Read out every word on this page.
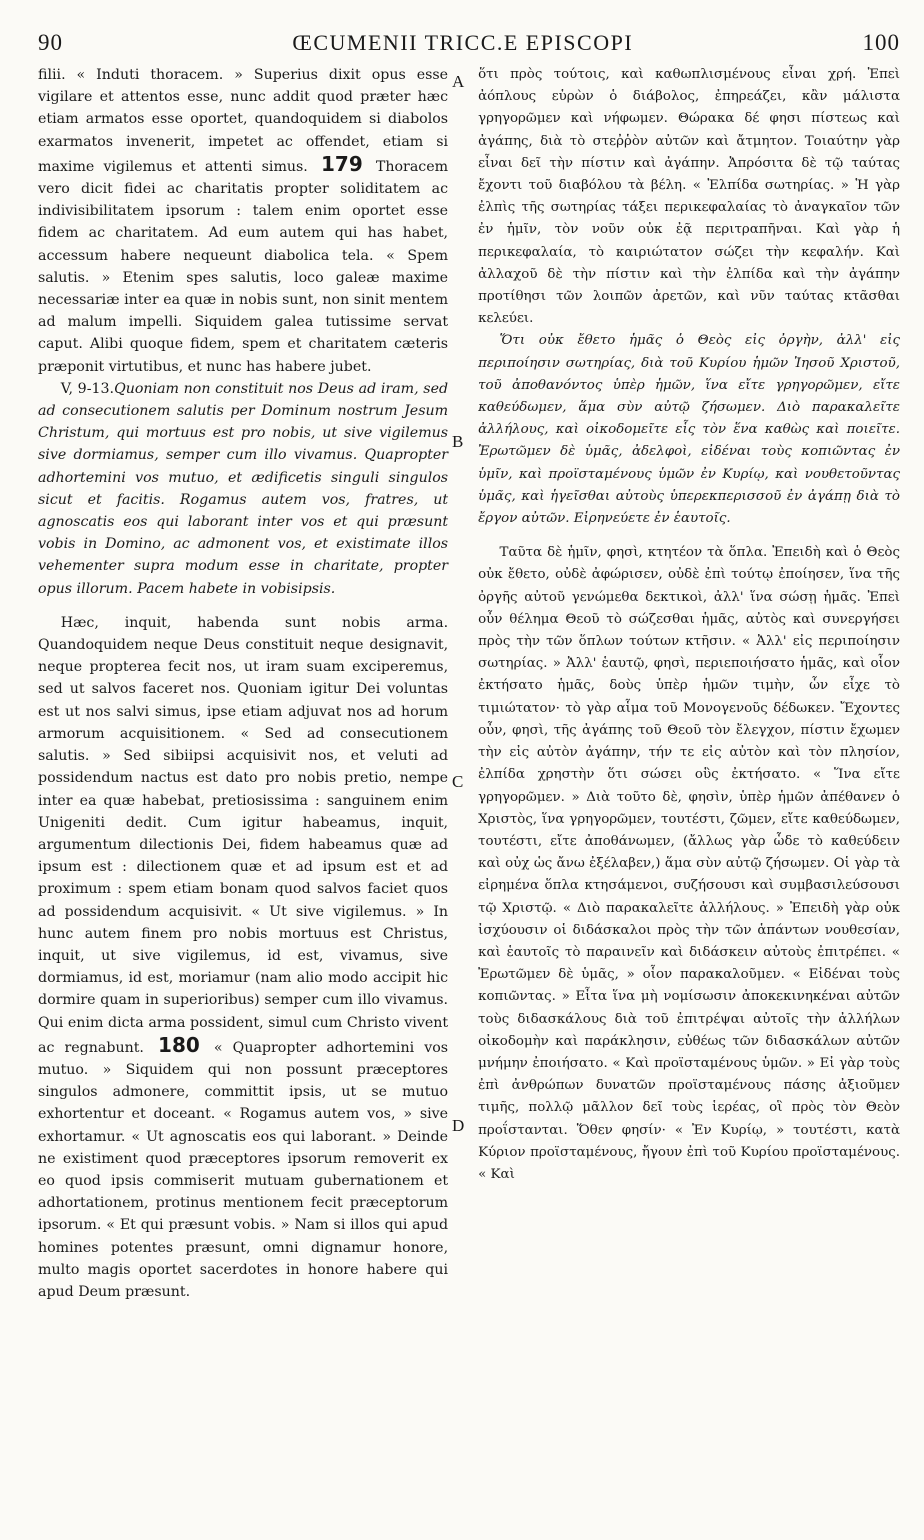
90	ŒCUMENII TRICC.E EPISCOPI	100

filii. « Induti thoracem. » Superius dixit opus esse vigilare et attentos esse, nunc addit quod præter hæc etiam armatos esse oportet, quandoquidem si diabolos exarmatos invenerit, impetet ac offendet, etiam si maxime vigilemus et attenti simus. 179 Thoracem vero dicit fidei ac charitatis propter soliditatem ac indivisibilitatem ipsorum : talem enim oportet esse fidem ac charitatem. Ad eum autem qui has habet, accessum habere nequeunt diabolica tela. « Spem salutis. » Etenim spes salutis, loco galeæ maxime necessariæ inter ea quæ in nobis sunt, non sinit mentem ad malum impelli. Siquidem galea tutissime servat caput. Alibi quoque fidem, spem et charitatem cæteris præponit virtutibus, et nunc has habere jubet.

V, 9-13.Quoniam non constituit nos Deus ad iram, sed ad consecutionem salutis per Dominum nostrum Jesum Christum, qui mortuus est pro nobis, ut sive vigilemus sive dormiamus, semper cum illo vivamus. Quapropter adhortemini vos mutuo, et ædificetis singuli singulos sicut et facitis. Rogamus autem vos, fratres, ut agnoscatis eos qui laborant inter vos et qui præsunt vobis in Domino, ac admonent vos, et existimate illos vehementer supra modum esse in charitate, propter opus illorum. Pacem habete in vobisipsis.

Hæc, inquit, habenda sunt nobis arma. Quandoquidem neque Deus constituit neque designavit, neque propterea fecit nos, ut iram suam exciperemus, sed ut salvos faceret nos. Quoniam igitur Dei voluntas est ut nos salvi simus, ipse etiam adjuvat nos ad horum armorum acquisitionem. « Sed ad consecutionem salutis. » Sed sibiipsi acquisivit nos, et veluti ad possidendum nactus est dato pro nobis pretio, nempe inter ea quæ habebat, pretiosissima : sanguinem enim Unigeniti dedit. Cum igitur habeamus, inquit, argumentum dilectionis Dei, fidem habeamus quæ ad ipsum est : dilectionem quæ et ad ipsum est et ad proximum : spem etiam bonam quod salvos faciet quos ad possidendum acquisivit. « Ut sive vigilemus. » In hunc autem finem pro nobis mortuus est Christus, inquit, ut sive vigilemus, id est, vivamus, sive dormiamus, id est, moriamur (nam alio modo accipit hic dormire quam in superioribus) semper cum illo vivamus. Qui enim dicta arma possident, simul cum Christo vivent ac regnabunt. 180 « Quapropter adhortemini vos mutuo. » Siquidem qui non possunt præceptores singulos admonere, committit ipsis, ut se mutuo exhortentur et doceant. « Rogamus autem vos, » sive exhortamur. « Ut agnoscatis eos qui laborant. » Deinde ne existiment quod præceptores ipsorum removerit ex eo quod ipsis commiserit mutuam gubernationem et adhortationem, protinus mentionem fecit præceptorum ipsorum. « Et qui præsunt vobis. » Nam si illos qui apud homines potentes præsunt, omni dignamur honore, multo magis oportet sacerdotes in honore habere qui apud Deum præsunt.

ὅτι πρὸς τούτοις, καὶ καθωπλισμένους εἶναι χρή. Ἐπεὶ ἀόπλους εὑρὼν ὁ διάβολος, ἐπηρεάζει, κἂν μάλιστα γρηγορῶμεν καὶ νήφωμεν. Θώρακα δέ φησι πίστεως καὶ ἀγάπης, διὰ τὸ στεῤῥὸν αὐτῶν καὶ ἄτμητον. Τοιαύτην γὰρ εἶναι δεῖ τὴν πίστιν καὶ ἀγάπην. Ἀπρόσιτα δὲ τῷ ταύτας ἔχοντι τοῦ διαβόλου τὰ βέλη. « Ἐλπίδα σωτηρίας. » Ἡ γὰρ ἐλπὶς τῆς σωτηρίας τάξει περικεφαλαίας τὸ ἀναγκαῖον τῶν ἐν ἡμῖν, τὸν νοῦν οὐκ ἐᾷ περιτραπῆναι. Καὶ γὰρ ἡ περικεφαλαία, τὸ καιριώτατον σώζει τὴν κεφαλήν. Καὶ ἀλλαχοῦ δὲ τὴν πίστιν καὶ τὴν ἐλπίδα καὶ τὴν ἀγάπην προτίθησι τῶν λοιπῶν ἀρετῶν, καὶ νῦν ταύτας κτᾶσθαι κελεύει.

Ὅτι οὐκ ἔθετο ἡμᾶς ὁ Θεὸς εἰς ὀργὴν, ἀλλ' εἰς περιποίησιν σωτηρίας, διὰ τοῦ Κυρίου ἡμῶν Ἰησοῦ Χριστοῦ, τοῦ ἀποθανόντος ὑπὲρ ἡμῶν, ἵνα εἴτε γρηγορῶμεν, εἴτε καθεύδωμεν, ἅμα σὺν αὐτῷ ζήσωμεν. Διὸ παρακαλεῖτε ἀλλήλους, καὶ οἰκοδομεῖτε εἷς τὸν ἕνα καθὼς καὶ ποιεῖτε. Ἐρωτῶμεν δὲ ὑμᾶς, ἀδελφοὶ, εἰδέναι τοὺς κοπιῶντας ἐν ὑμῖν, καὶ προϊσταμένους ὑμῶν ἐν Κυρίῳ, καὶ νουθετοῦντας ὑμᾶς, καὶ ἡγεῖσθαι αὐτοὺς ὑπερεκπερισσοῦ ἐν ἀγάπῃ διὰ τὸ ἔργον αὐτῶν. Εἰρηνεύετε ἐν ἑαυτοῖς.

Ταῦτα δὲ ἡμῖν, φησὶ, κτητέον τὰ ὅπλα. Ἐπειδὴ καὶ ὁ Θεὸς οὐκ ἔθετο, οὐδὲ ἀφώρισεν, οὐδὲ ἐπὶ τούτῳ ἐποίησεν, ἵνα τῆς ὀργῆς αὐτοῦ γενώμεθα δεκτικοὶ, ἀλλ' ἵνα σώσῃ ἡμᾶς. Ἐπεὶ οὖν θέλημα Θεοῦ τὸ σώζεσθαι ἡμᾶς, αὐτὸς καὶ συνεργήσει πρὸς τὴν τῶν ὅπλων τούτων κτῆσιν. « Ἀλλ' εἰς περιποίησιν σωτηρίας. » Ἀλλ' ἑαυτῷ, φησὶ, περιεποιήσατο ἡμᾶς, καὶ οἷον ἐκτήσατο ἡμᾶς, δοὺς ὑπὲρ ἡμῶν τιμὴν, ὧν εἶχε τὸ τιμιώτατον· τὸ γὰρ αἷμα τοῦ Μονογενοῦς δέδωκεν. Ἔχοντες οὖν, φησὶ, τῆς ἀγάπης τοῦ Θεοῦ τὸν ἔλεγχον, πίστιν ἔχωμεν τὴν εἰς αὐτὸν ἀγάπην, τήν τε εἰς αὐτὸν καὶ τὸν πλησίον, ἐλπίδα χρηστὴν ὅτι σώσει οὓς ἐκτήσατο. « Ἵνα εἴτε γρηγορῶμεν. » Διὰ τοῦτο δὲ, φησὶν, ὑπὲρ ἡμῶν ἀπέθανεν ὁ Χριστὸς, ἵνα γρηγορῶμεν, τουτέστι, ζῶμεν, εἴτε καθεύδωμεν, τουτέστι, εἴτε ἀποθάνωμεν, (ἄλλως γὰρ ὧδε τὸ καθεύδειν καὶ οὐχ ὡς ἄνω ἐξέλαβεν,) ἅμα σὺν αὐτῷ ζήσωμεν. Οἱ γὰρ τὰ εἰρημένα ὅπλα κτησάμενοι, συζήσουσι καὶ συμβασιλεύσουσι τῷ Χριστῷ. « Διὸ παρακαλεῖτε ἀλλήλους. » Ἐπειδὴ γὰρ οὐκ ἰσχύουσιν οἱ διδάσκαλοι πρὸς τὴν τῶν ἁπάντων νουθεσίαν, καὶ ἑαυτοῖς τὸ παραινεῖν καὶ διδάσκειν αὐτοὺς ἐπιτρέπει. « Ἐρωτῶμεν δὲ ὑμᾶς, » οἷον παρακαλοῦμεν. « Εἰδέναι τοὺς κοπιῶντας. » Εἶτα ἵνα μὴ νομίσωσιν ἀποκεκινηκέναι αὐτῶν τοὺς διδασκάλους διὰ τοῦ ἐπιτρέψαι αὐτοῖς τὴν ἀλλήλων οἰκοδομὴν καὶ παράκλησιν, εὐθέως τῶν διδασκάλων αὐτῶν μνήμην ἐποιήσατο. « Καὶ προϊσταμένους ὑμῶν. » Εἰ γὰρ τοὺς ἐπὶ ἀνθρώπων δυνατῶν προϊσταμένους πάσης ἀξιοῦμεν τιμῆς, πολλῷ μᾶλλον δεῖ τοὺς ἱερέας, οἳ πρὸς τὸν Θεὸν προΐστανται. Ὅθεν φησίν· « Ἐν Κυρίῳ, » τουτέστι, κατὰ Κύριον προϊσταμένους, ἤγουν ἐπὶ τοῦ Κυρίου προϊσταμένους. « Καὶ

A
B
C
D
